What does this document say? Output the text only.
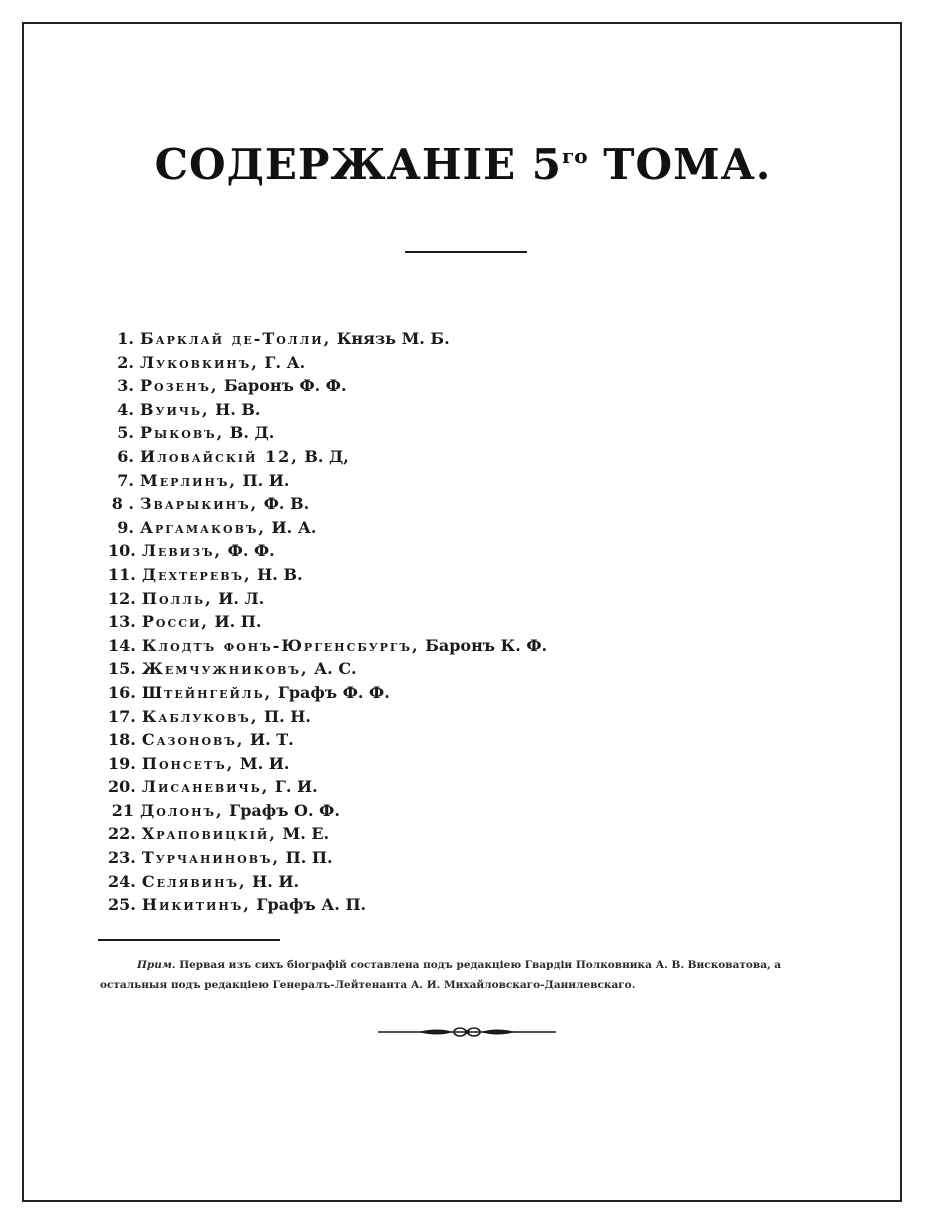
СОДЕРЖАНІЕ $5^{го}$ ТОМА.
1. Барклай де-Толли, Князь М. Б.
2. Луковкинъ, Г. А.
3. Розенъ, Баронъ Ф. Ф.
4. Вуичь, Н. В.
5. Рыковъ, В. Д.
6. Иловайскій 12, В. Д,
7. Мерлинъ, П. И.
8 . Зварыкинъ, Ф. В.
9. Аргамаковъ, И. А.
10. Левизъ, Ф. Ф.
11. Дехтеревъ, Н. В.
12. Полль, И. Л.
13. Росси, И. П.
14. Клодтъ фонъ-Юргенсбургъ, Баронъ К. Ф.
15. Жемчужниковъ, А. С.
16. Штейнгейль, Графъ Ф. Ф.
17. Каблуковъ, П. Н.
18. Сазоновъ, И. Т.
19. Понсетъ, М. И.
20. Лисаневичь, Г. И.
21 Долонъ, Графъ О. Ф.
22. Храповицкій, М. Е.
23. Турчаниновъ, П. П.
24. Селявинъ, Н. И.
25. Никитинъ, Графъ А. П.

Прим. Первая изъ сихъ біографій составлена подъ редакціею Гвардіи Полковника А. В. Висковатова, а остальныя подъ редакціею Генералъ-Лейтенанта А. И. Михайловскаго-Данилевскаго.
